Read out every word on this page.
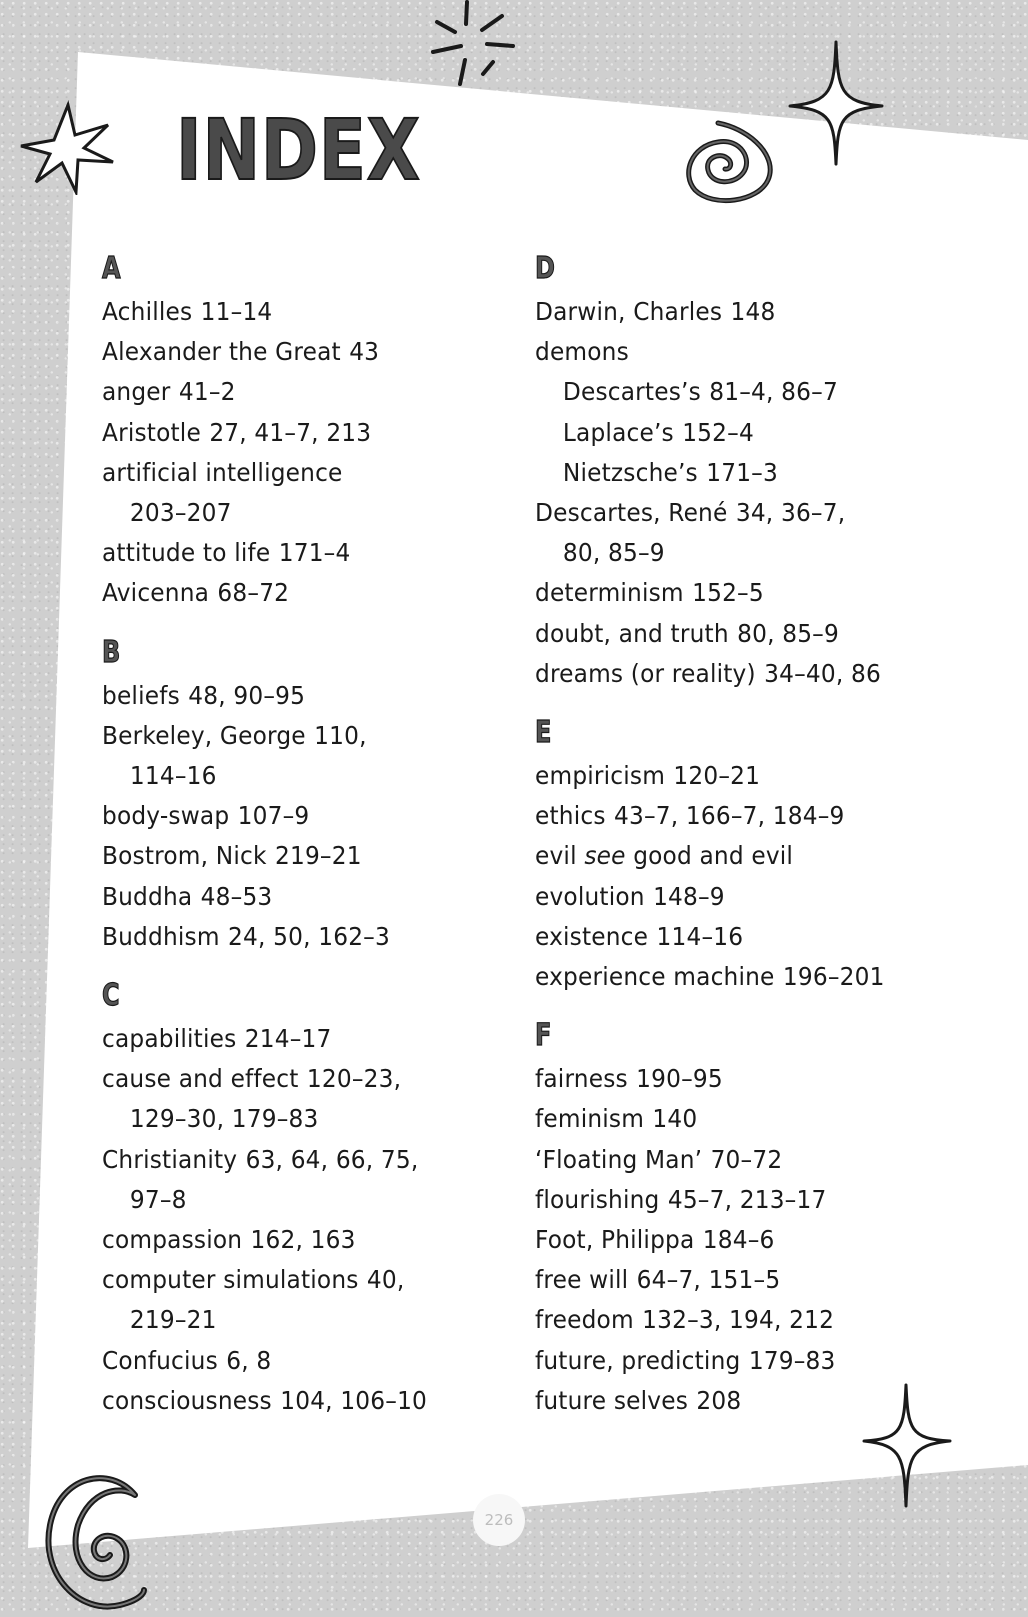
INDEX
A
Achilles 11–14
Alexander the Great 43
anger 41–2
Aristotle 27, 41–7, 213
artificial intelligence
203–207
attitude to life 171–4
Avicenna 68–72
B
beliefs 48, 90–95
Berkeley, George 110,
114–16
body-swap 107–9
Bostrom, Nick 219–21
Buddha 48–53
Buddhism 24, 50, 162–3
C
capabilities 214–17
cause and effect 120–23,
129–30, 179–83
Christianity 63, 64, 66, 75,
97–8
compassion 162, 163
computer simulations 40,
219–21
Confucius 6, 8
consciousness 104, 106–10
D
Darwin, Charles 148
demons
Descartes’s 81–4, 86–7
Laplace’s 152–4
Nietzsche’s 171–3
Descartes, René 34, 36–7,
80, 85–9
determinism 152–5
doubt, and truth 80, 85–9
dreams (or reality) 34–40, 86
E
empiricism 120–21
ethics 43–7, 166–7, 184–9
evil see good and evil
evolution 148–9
existence 114–16
experience machine 196–201
F
fairness 190–95
feminism 140
‘Floating Man’ 70–72
flourishing 45–7, 213–17
Foot, Philippa 184–6
free will 64–7, 151–5
freedom 132–3, 194, 212
future, predicting 179–83
future selves 208
226
